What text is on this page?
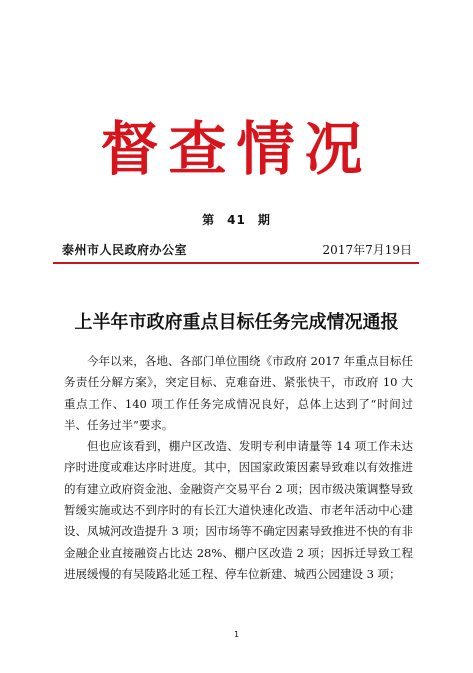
督查情况
第 41 期
泰州市人民政府办公室	2017年7月19日
上半年市政府重点目标任务完成情况通报

今年以来，各地、各部门单位围绕《市政府 2017 年重点目标任务责任分解方案》，突定目标、克难奋进、紧张快干，市政府 10 大重点工作、140 项工作任务完成情况良好，总体上达到了“时间过半、任务过半”要求。

但也应该看到，棚户区改造、发明专利申请量等 14 项工作未达序时进度或难达序时进度。其中，因国家政策因素导致难以有效推进的有建立政府资金池、金融资产交易平台 2 项；因市级决策调整导致暂缓实施或达不到序时的有长江大道快速化改造、市老年活动中心建设、凤城河改造提升 3 项；因市场等不确定因素导致推进不快的有非金融企业直接融资占比达 28%、棚户区改造 2 项；因拆迁导致工程进展缓慢的有吴陵路北延工程、停车位新建、城西公园建设 3 项；

1
